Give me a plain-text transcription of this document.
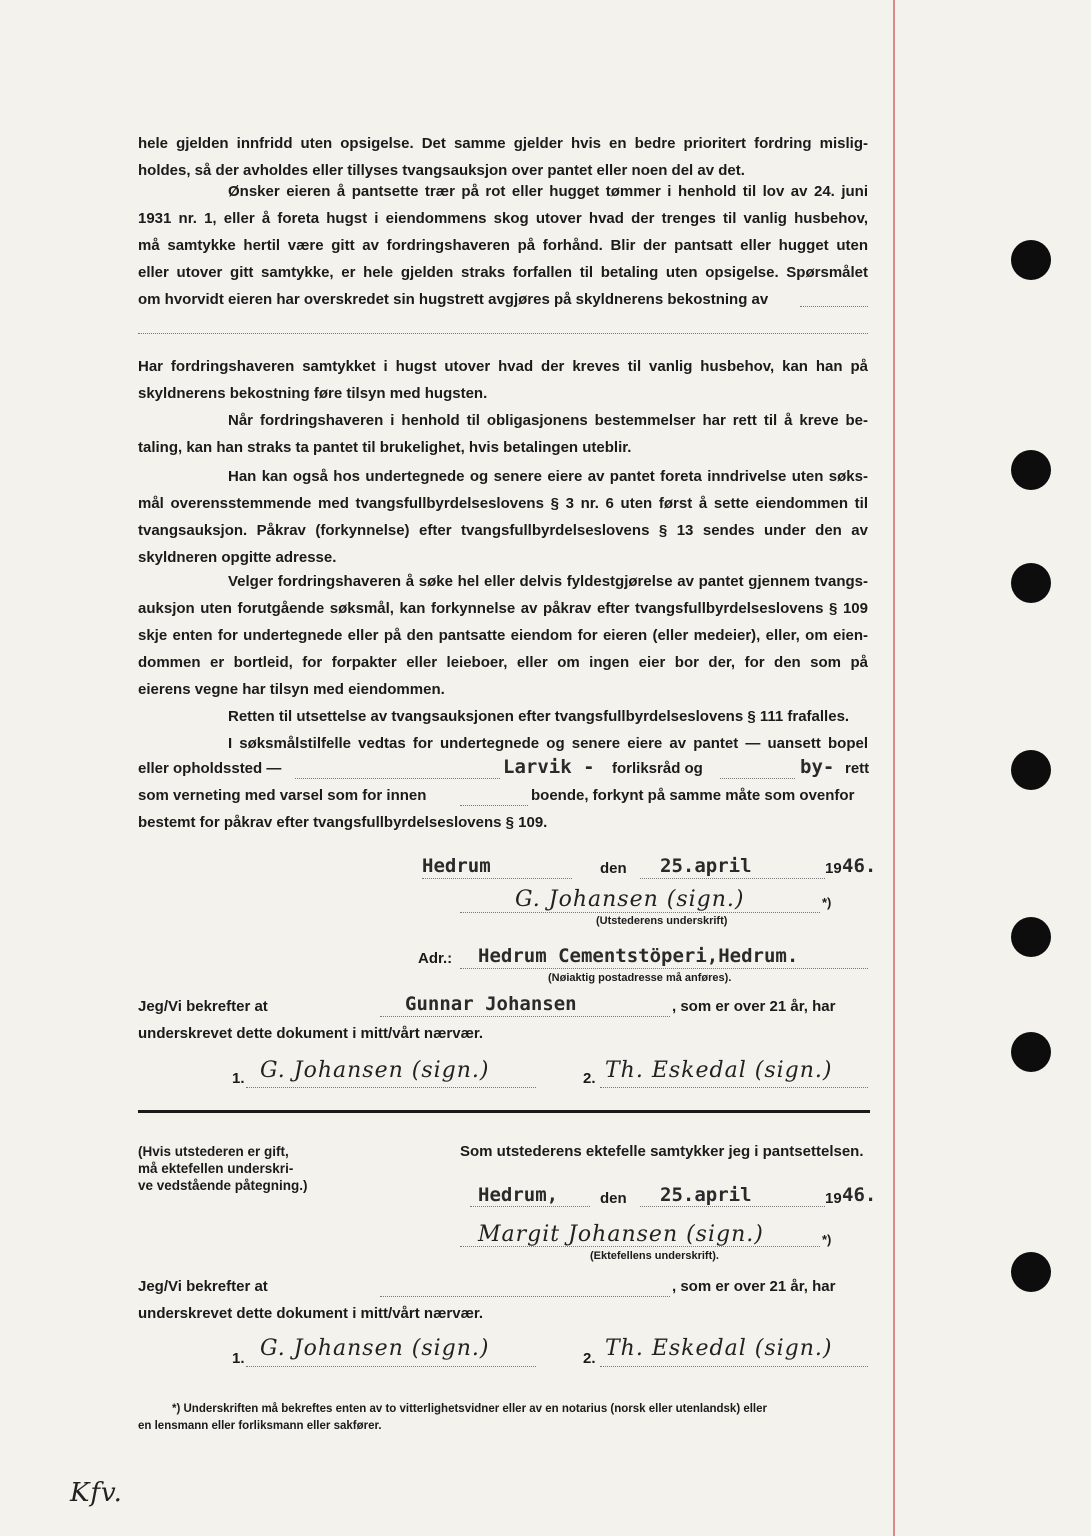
hele gjelden innfridd uten opsigelse. Det samme gjelder hvis en bedre prioritert fordring mislig-
holdes, så der avholdes eller tillyses tvangsauksjon over pantet eller noen del av det.
Ønsker eieren å pantsette trær på rot eller hugget tømmer i henhold til lov av 24. juni
1931 nr. 1, eller å foreta hugst i eiendommens skog utover hvad der trenges til vanlig husbehov,
må samtykke hertil være gitt av fordringshaveren på forhånd. Blir der pantsatt eller hugget uten
eller utover gitt samtykke, er hele gjelden straks forfallen til betaling uten opsigelse. Spørsmålet
om hvorvidt eieren har overskredet sin hugstrett avgjøres på skyldnerens bekostning av
Har fordringshaveren samtykket i hugst utover hvad der kreves til vanlig husbehov, kan han på
skyldnerens bekostning føre tilsyn med hugsten.
Når fordringshaveren i henhold til obligasjonens bestemmelser har rett til å kreve be-
taling, kan han straks ta pantet til brukelighet, hvis betalingen uteblir.
Han kan også hos undertegnede og senere eiere av pantet foreta inndrivelse uten søks-
mål overensstemmende med tvangsfullbyrdelseslovens § 3 nr. 6 uten først å sette eiendommen til
tvangsauksjon. Påkrav (forkynnelse) efter tvangsfullbyrdelseslovens § 13 sendes under den av
skyldneren opgitte adresse.
Velger fordringshaveren å søke hel eller delvis fyldestgjørelse av pantet gjennem tvangs-
auksjon uten forutgående søksmål, kan forkynnelse av påkrav efter tvangsfullbyrdelseslovens § 109
skje enten for undertegnede eller på den pantsatte eiendom for eieren (eller medeier), eller, om eien-
dommen er bortleid, for forpakter eller leieboer, eller om ingen eier bor der, for den som på
eierens vegne har tilsyn med eiendommen.
Retten til utsettelse av tvangsauksjonen efter tvangsfullbyrdelseslovens § 111 frafalles.
I søksmålstilfelle vedtas for undertegnede og senere eiere av pantet — uansett bopel
eller opholdssted —	Larvik - forliksråd og	by- rett
som verneting med varsel som for innen	boende, forkynt på samme måte som ovenfor
bestemt for påkrav efter tvangsfullbyrdelseslovens § 109.
Hedrum	den 25.april	19 46.
G. Johansen (sign.)	*)
(Utstederens underskrift)
Adr.: Hedrum Cementstöperi,Hedrum.
(Nøiaktig postadresse må anføres).
Jeg/Vi bekrefter at	Gunnar Johansen	, som er over 21 år, har
underskrevet dette dokument i mitt/vårt nærvær.
1. G. Johansen (sign.)	2. Th. Eskedal (sign.)
(Hvis utstederen er gift,
må ektefellen underskri-
ve vedstående påtegning.)
Som utstederens ektefelle samtykker jeg i pantsettelsen.
Hedrum,	den 25.april	19 46.
Margit Johansen (sign.)	*)
(Ektefellens underskrift).
Jeg/Vi bekrefter at	, som er over 21 år, har
underskrevet dette dokument i mitt/vårt nærvær.
1. G. Johansen (sign.)	2. Th. Eskedal (sign.)
*) Underskriften må bekreftes enten av to vitterlighetsvidner eller av en notarius (norsk eller utenlandsk) eller
en lensmann eller forliksmann eller sakfører.
Kfv.
